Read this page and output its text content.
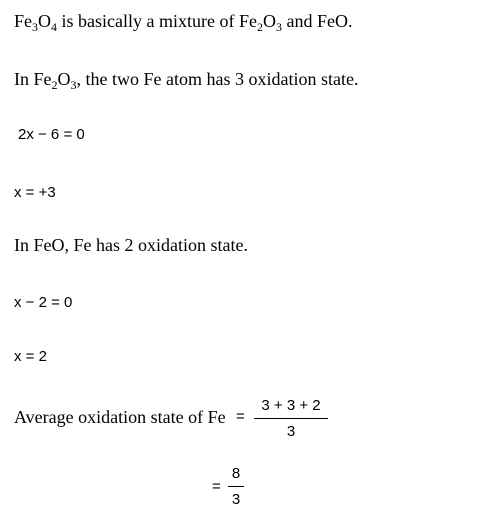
$Fe_3O_4$ is basically a mixture of $Fe_2O_3$ and FeO.
In $Fe_2O_3$, the two Fe atom has 3 oxidation state.
2x − 6 = 0
x = +3
In FeO, Fe has 2 oxidation state.
x − 2 = 0
x = 2
Average oxidation state of Fe =
3 + 3 + 2
3
=
8
3
